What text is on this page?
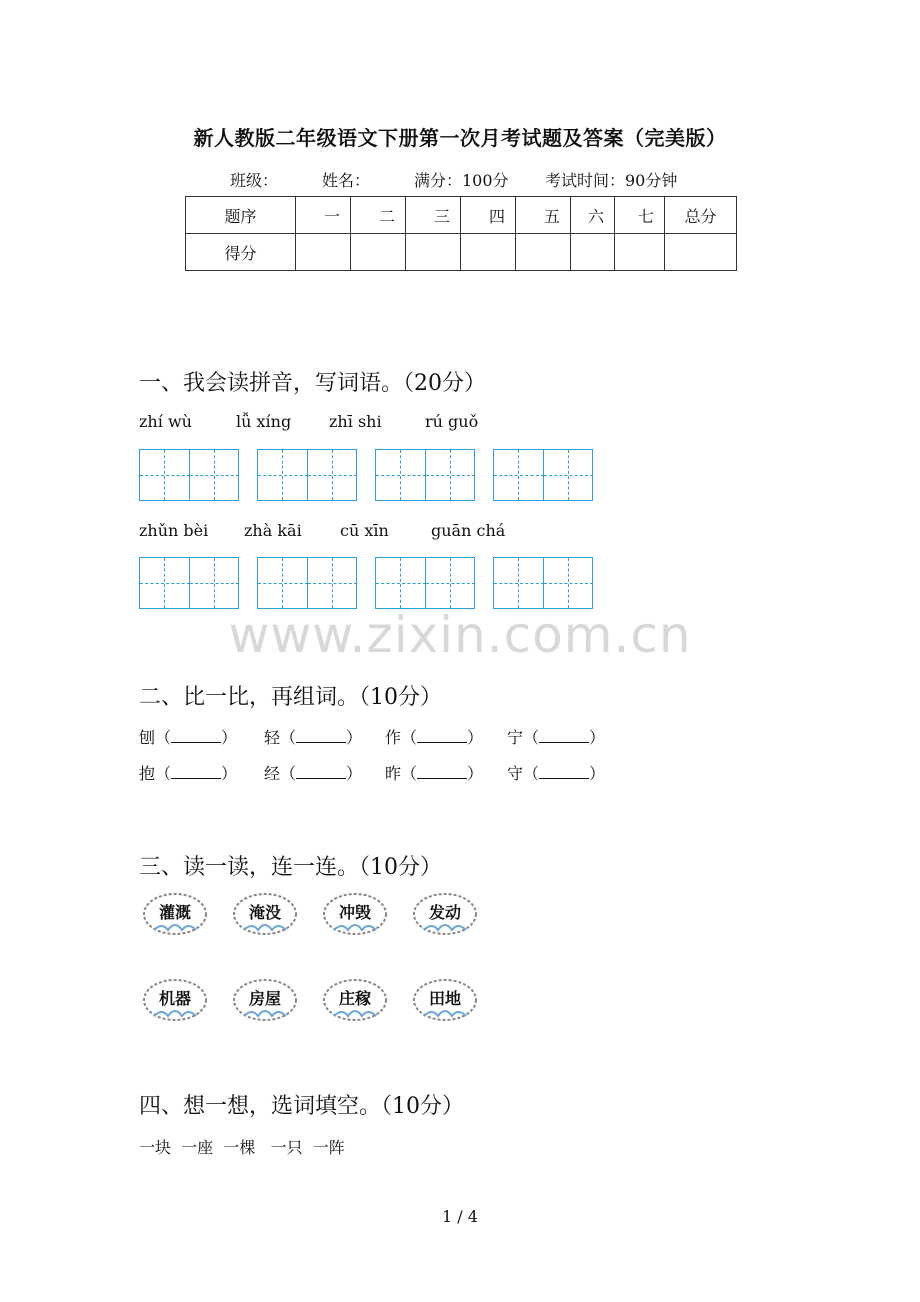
新人教版二年级语文下册第一次月考试题及答案（完美版）
班级：	姓名：	满分：100分 考试时间：90分钟
题序	一	二	三	四	五	六	七	总分
得分								
一、我会读拼音，写词语。（20分）
zhí wù	lǚ xíng zhī shi	rú guǒ
zhǔn bèi zhà kāi cū xīn	guān chá
www.zixin.com.cn
二、比一比，再组词。（10分）
刨（	） 轻（	） 作（	） 宁（	）
抱（	） 经（	） 昨（	） 守（	）
三、读一读，连一连。（10分）
灌溉	淹没	冲毁	发动
机器	房屋	庄稼	田地
四、想一想，选词填空。（10分）
一块  一座  一棵   一只  一阵
1 / 4
